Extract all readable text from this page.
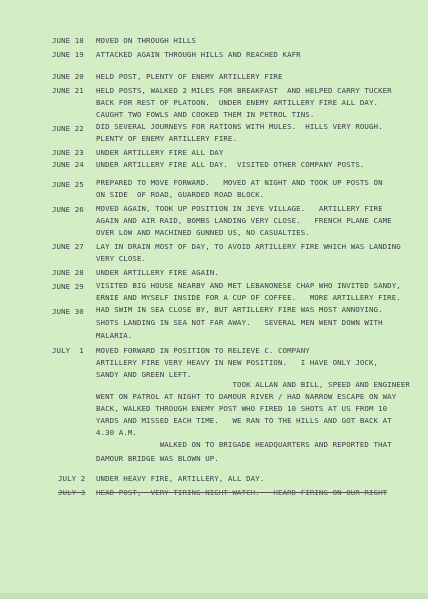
JUNE 18 MOVED ON THROUGH HILLS
JUNE 19 ATTACKED AGAIN THROUGH HILLS AND REACHED KAFR
JUNE 20 HELD POST, PLENTY OF ENEMY ARTILLERY FIRE
JUNE 21 HELD POSTS, WALKED 2 MILES FOR BREAKFAST  AND HELPED CARRY TUCKER
BACK FOR REST OF PLATOON.  UNDER ENEMY ARTILLERY FIRE ALL DAY.
CAUGHT TWO FOWLS AND COOKED THEM IN PETROL TINS.
JUNE 22 DID SEVERAL JOURNEYS FOR RATIONS WITH MULES.  HILLS VERY ROUGH.
PLENTY OF ENEMY ARTILLERY FIRE.
JUNE 23 UNDER ARTILLERY FIRE ALL DAY
JUNE 24 UNDER ARTILLERY FIRE ALL DAY.  VISITED OTHER COMPANY POSTS.
JUNE 25 PREPARED TO MOVE FORWARD.   MOVED AT NIGHT AND TOOK UP POSTS ON
ON SIDE  OF ROAD, GUARDED ROAD BLOCK.
JUNE 26 MOVED AGAIN, TOOK UP POSITION IN JEYE VILLAGE.   ARTILLERY FIRE
AGAIN AND AIR RAID, BOMBS LANDING VERY CLOSE.   FRENCH PLANE CAME
OVER LOW AND MACHINED GUNNED US, NO CASUALTIES.
JUNE 27 LAY IN DRAIN MOST OF DAY, TO AVOID ARTILLERY FIRE WHICH WAS LANDING
VERY CLOSE.
JUNE 28 UNDER ARTILLERY FIRE AGAIN.
JUNE 29 VISITED BIG HOUSE NEARBY AND MET LEBANONESE CHAP WHO INVITED SANDY,
ERNIE AND MYSELF INSIDE FOR A CUP OF COFFEE.   MORE ARTILLERY FIRE.
JUNE 30 HAD SWIM IN SEA CLOSE BY, BUT ARTILLERY FIRE WAS MOST ANNOYING.
SHOTS LANDING IN SEA NOT FAR AWAY.   SEVERAL MEN WENT DOWN WITH
MALARIA.
JULY  1 MOVED FORWARD IN POSITION TO RELIEVE C. COMPANY
ARTILLERY FIRE VERY HEAVY IN NEW POSITION.   I HAVE ONLY JOCK,
SANDY AND GREEN LEFT.
TOOK ALLAN AND BILL, SPEED AND ENGINEER
WENT ON PATROL AT NIGHT TO DAMOUR RIVER / HAD NARROW ESCAPE ON WAY
BACK, WALKED THROUGH ENEMY POST WHO FIRED 10 SHOTS AT US FROM 10
YARDS AND MISSED EACH TIME.   WE RAN TO THE HILLS AND GOT BACK AT
4.30 A.M.
WALKED ON TO BRIGADE HEADQUARTERS AND REPORTED THAT
DAMOUR BRIDGE WAS BLOWN UP.
JULY 2 UNDER HEAVY FIRE, ARTILLERY, ALL DAY.
JULY 3 HEAD POST,  VERY TIRING NIGHT WATCH.   HEARD FIRING ON OUR RIGHT
